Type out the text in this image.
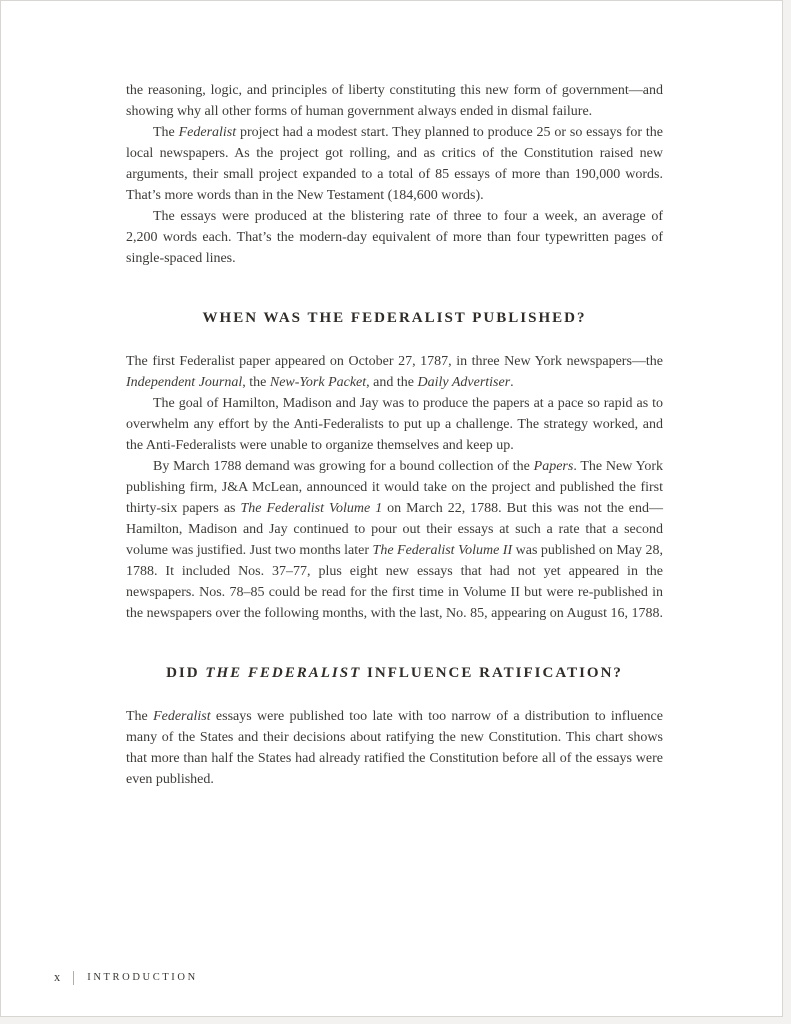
the reasoning, logic, and principles of liberty constituting this new form of government—and showing why all other forms of human government always ended in dismal failure.

The Federalist project had a modest start. They planned to produce 25 or so essays for the local newspapers. As the project got rolling, and as critics of the Constitution raised new arguments, their small project expanded to a total of 85 essays of more than 190,000 words. That’s more words than in the New Testament (184,600 words).

The essays were produced at the blistering rate of three to four a week, an average of 2,200 words each. That’s the modern-day equivalent of more than four typewritten pages of single-spaced lines.

WHEN WAS THE FEDERALIST PUBLISHED?

The first Federalist paper appeared on October 27, 1787, in three New York newspapers—the Independent Journal, the New-York Packet, and the Daily Advertiser.

The goal of Hamilton, Madison and Jay was to produce the papers at a pace so rapid as to overwhelm any effort by the Anti-Federalists to put up a challenge. The strategy worked, and the Anti-Federalists were unable to organize themselves and keep up.

By March 1788 demand was growing for a bound collection of the Papers. The New York publishing firm, J&A McLean, announced it would take on the project and published the first thirty-six papers as The Federalist Volume 1 on March 22, 1788. But this was not the end—Hamilton, Madison and Jay continued to pour out their essays at such a rate that a second volume was justified. Just two months later The Federalist Volume II was published on May 28, 1788. It included Nos. 37–77, plus eight new essays that had not yet appeared in the newspapers. Nos. 78–85 could be read for the first time in Volume II but were re-published in the newspapers over the following months, with the last, No. 85, appearing on August 16, 1788.

DID THE FEDERALIST INFLUENCE RATIFICATION?

The Federalist essays were published too late with too narrow of a distribution to influence many of the States and their decisions about ratifying the new Constitution. This chart shows that more than half the States had already ratified the Constitution before all of the essays were even published.

x	INTRODUCTION
